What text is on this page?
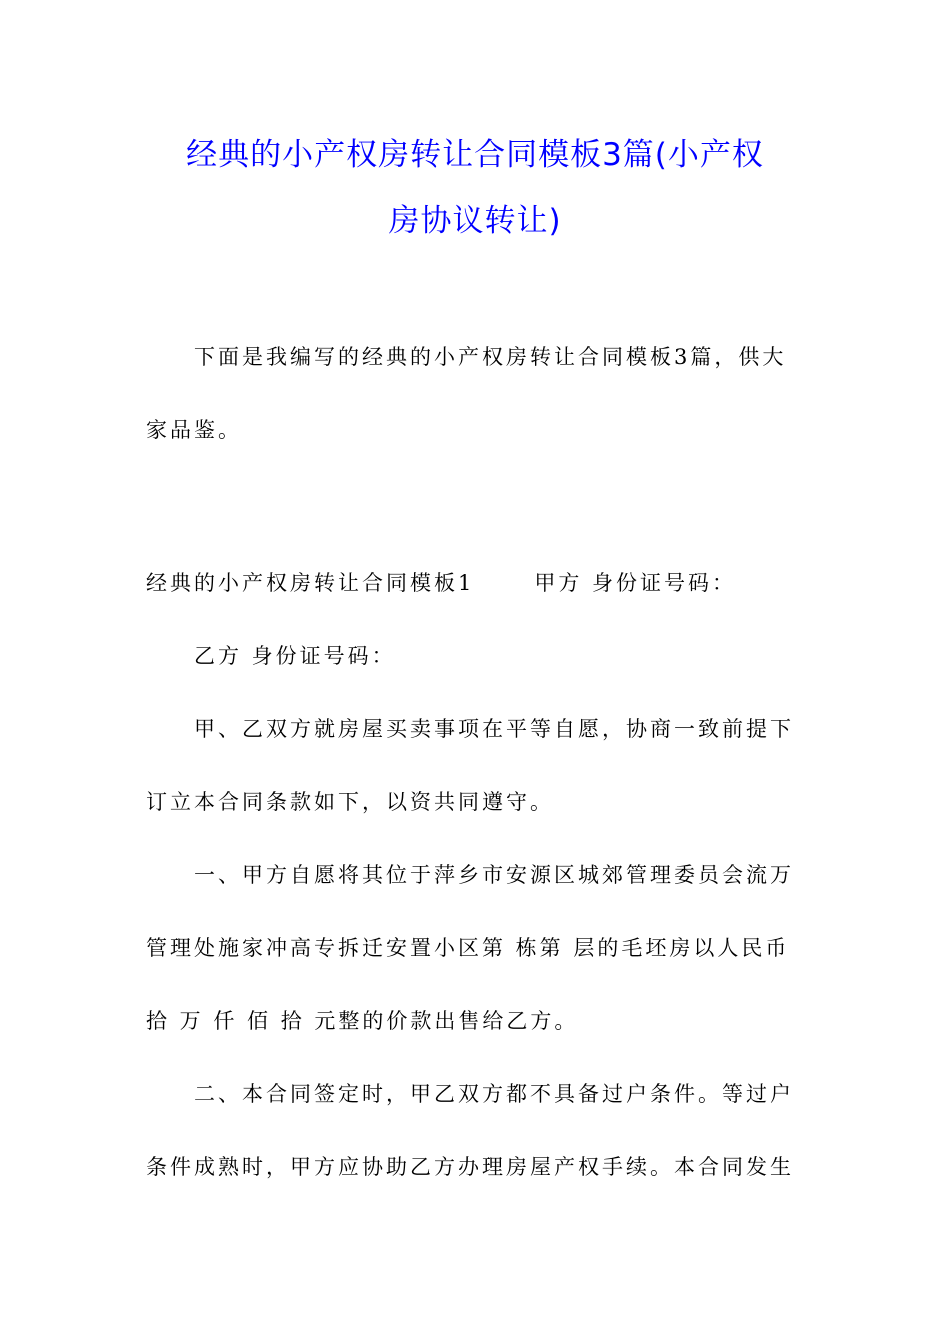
经典的小产权房转让合同模板3篇(小产权
房协议转让)

下面是我编写的经典的小产权房转让合同模板3篇，供大
家品鉴。

经典的小产权房转让合同模板1	甲方 身份证号码：
乙方 身份证号码：
甲、乙双方就房屋买卖事项在平等自愿，协商一致前提下
订立本合同条款如下，以资共同遵守。
一、甲方自愿将其位于萍乡市安源区城郊管理委员会流万
管理处施家冲高专拆迁安置小区第 栋第 层的毛坯房以人民币
拾 万 仟 佰 拾 元整的价款出售给乙方。
二、本合同签定时，甲乙双方都不具备过户条件。等过户
条件成熟时，甲方应协助乙方办理房屋产权手续。本合同发生
